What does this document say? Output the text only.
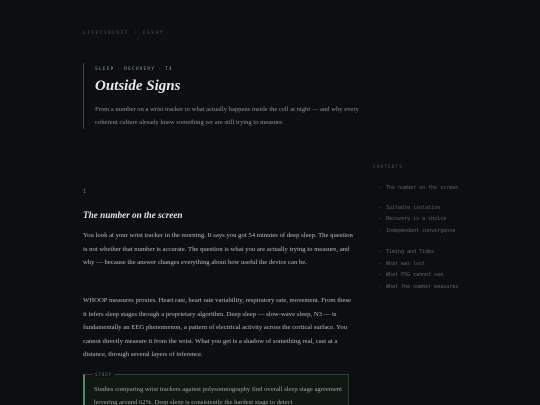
LIFECIRCUIT / ESSAY
SLEEP · RECOVERY · T4
Outside Signs

From a number on a wrist tracker to what actually happens inside the cell at night — and why every coherent culture already knew something we are still trying to measure.

I
The number on the screen

You look at your wrist tracker in the morning. It says you got 54 minutes of deep sleep. The question is not whether that number is accurate. The question is what you are actually trying to measure, and why — because the answer changes everything about how useful the device can be.

WHOOP measures proxies. Heart rate, heart rate variability, respiratory rate, movement. From these it infers sleep stages through a proprietary algorithm. Deep sleep — slow-wave sleep, N3 — is fundamentally an EEG phenomenon, a pattern of electrical activity across the cortical surface. You cannot directly measure it from the wrist. What you get is a shadow of something real, cast at a distance, through several layers of inference.

STUDY

Studies comparing wrist trackers against polysomnography find overall sleep stage agreement hovering around 62%. Deep sleep is consistently the hardest stage to detect

CONTENTS
— The number on the screen
— Suitable isolation
— Recovery is a choice
— Independent convergence
— Timing and Tides
— What was lost
— What PSG cannot see
— What the number measures
